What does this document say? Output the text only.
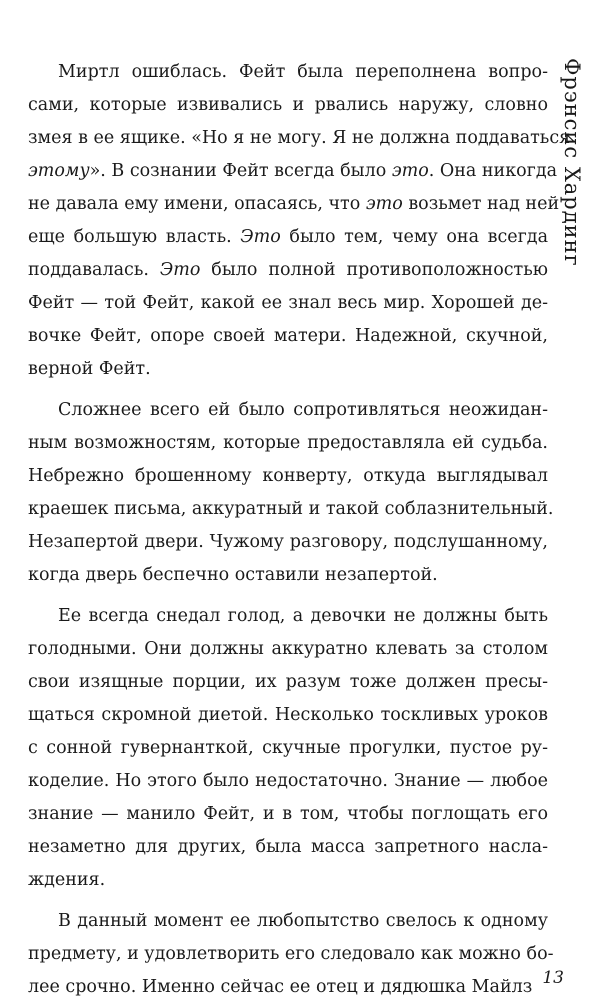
Фрэнсис Хардинг
Миртл ошиблась. Фейт была переполнена вопро-
сами, которые извивались и рвались наружу, словно
змея в ее ящике. «Но я не могу. Я не должна поддаваться
этому». В сознании Фейт всегда было это. Она никогда
не давала ему имени, опасаясь, что это возьмет над ней
еще большую власть. Это было тем, чему она всегда
поддавалась. Это было полной противоположностью
Фейт — той Фейт, какой ее знал весь мир. Хорошей де-
вочке Фейт, опоре своей матери. Надежной, скучной,
верной Фейт.
Сложнее всего ей было сопротивляться неожидан-
ным возможностям, которые предоставляла ей судьба.
Небрежно брошенному конверту, откуда выглядывал
краешек письма, аккуратный и такой соблазнительный.
Незапертой двери. Чужому разговору, подслушанному,
когда дверь беспечно оставили незапертой.
Ее всегда снедал голод, а девочки не должны быть
голодными. Они должны аккуратно клевать за столом
свои изящные порции, их разум тоже должен пресы-
щаться скромной диетой. Несколько тоскливых уроков
с сонной гувернанткой, скучные прогулки, пустое ру-
коделие. Но этого было недостаточно. Знание — любое
знание — манило Фейт, и в том, чтобы поглощать его
незаметно для других, была масса запретного насла-
ждения.
В данный момент ее любопытство свелось к одному
предмету, и удовлетворить его следовало как можно бо-
лее срочно. Именно сейчас ее отец и дядюшка Майлз 13
